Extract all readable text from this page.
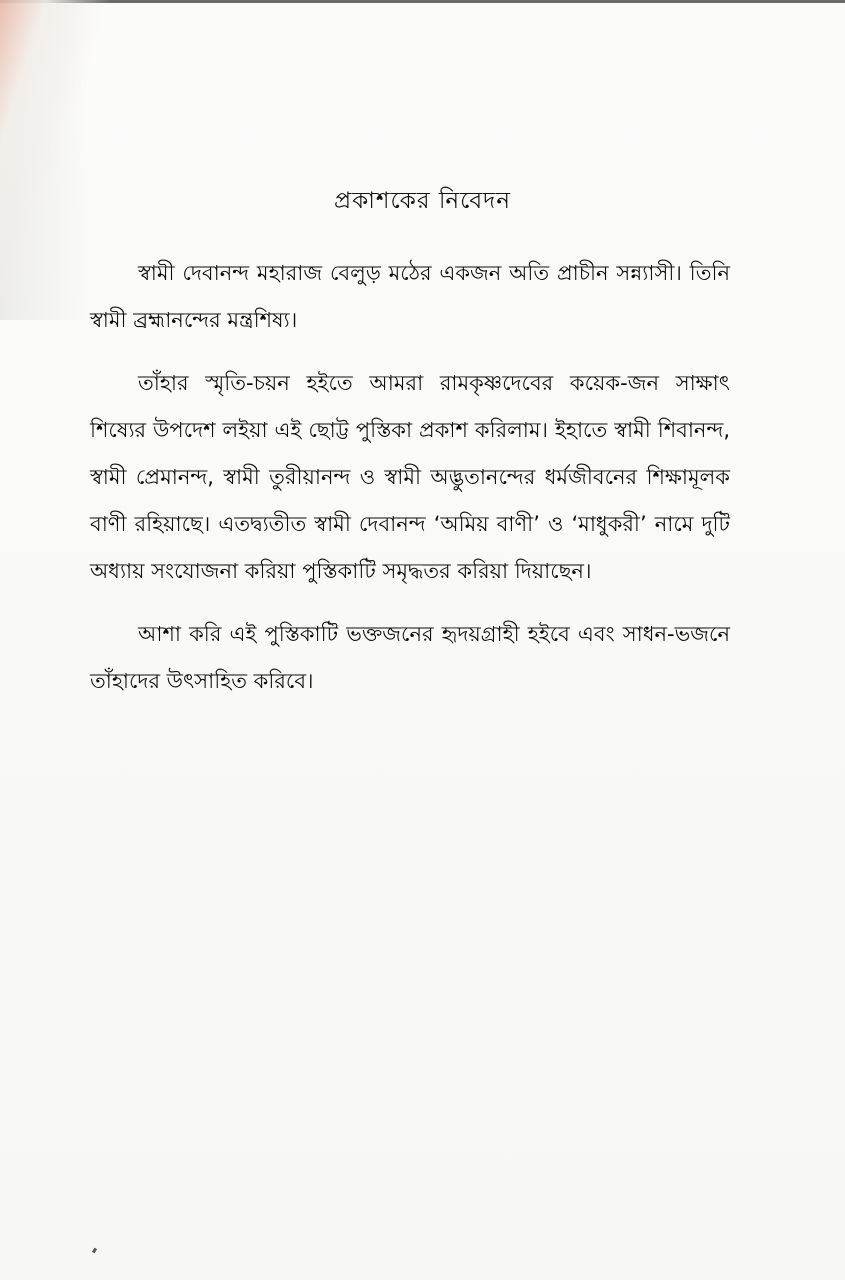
প্রকাশকের নিবেদন

স্বামী দেবানন্দ মহারাজ বেলুড় মঠের একজন অতি প্রাচীন সন্ন্যাসী। তিনি স্বামী ব্রহ্মানন্দের মন্ত্রশিষ্য।

তাঁহার স্মৃতি-চয়ন হইতে আমরা রামকৃষ্ণদেবের কয়েক-জন সাক্ষাৎ শিষ্যের উপদেশ লইয়া এই ছোট্ট পুস্তিকা প্রকাশ করিলাম। ইহাতে স্বামী শিবানন্দ, স্বামী প্রেমানন্দ, স্বামী তুরীয়ানন্দ ও স্বামী অদ্ভুতানন্দের ধর্মজীবনের শিক্ষামূলক বাণী রহিয়াছে। এতদ্ব্যতীত স্বামী দেবানন্দ ‘অমিয় বাণী’ ও ‘মাধুকরী’ নামে দুটি অধ্যায় সংযোজনা করিয়া পুস্তিকাটি সমৃদ্ধতর করিয়া দিয়াছেন।

আশা করি এই পুস্তিকাটি ভক্তজনের হৃদয়গ্রাহী হইবে এবং সাধন-ভজনে তাঁহাদের উৎসাহিত করিবে।
